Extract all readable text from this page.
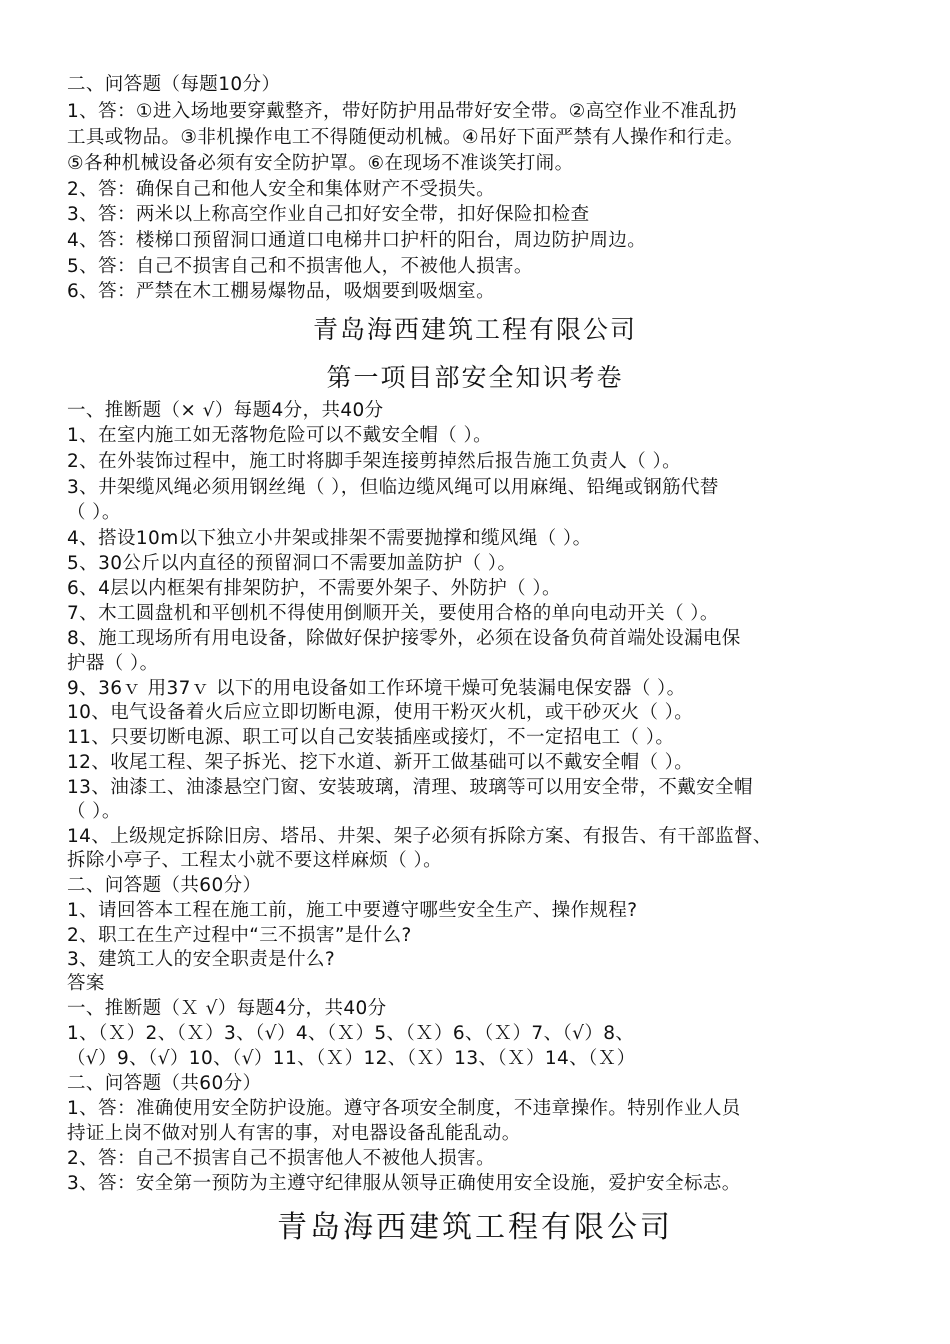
二、问答题（每题10分）
1、答：①进入场地要穿戴整齐，带好防护用品带好安全带。②高空作业不准乱扔
工具或物品。③非机操作电工不得随便动机械。④吊好下面严禁有人操作和行走。
⑤各种机械设备必须有安全防护罩。⑥在现场不准谈笑打闹。
2、答：确保自己和他人安全和集体财产不受损失。
3、答：两米以上称高空作业自己扣好安全带，扣好保险扣检查
4、答：楼梯口预留洞口通道口电梯井口护杆的阳台，周边防护周边。
5、答：自己不损害自己和不损害他人，不被他人损害。
6、答：严禁在木工棚易爆物品，吸烟要到吸烟室。
青岛海西建筑工程有限公司
第一项目部安全知识考卷
一、推断题（× √）每题4分，共40分
1、在室内施工如无落物危险可以不戴安全帽（ ）。
2、在外装饰过程中，施工时将脚手架连接剪掉然后报告施工负责人（ ）。
3、井架缆风绳必须用钢丝绳（ ），但临边缆风绳可以用麻绳、铅绳或钢筋代替
（ ）。
4、搭设10m以下独立小井架或排架不需要抛撑和缆风绳（ ）。
5、30公斤以内直径的预留洞口不需要加盖防护（ ）。
6、4层以内框架有排架防护，不需要外架子、外防护（ ）。
7、木工圆盘机和平刨机不得使用倒顺开关，要使用合格的单向电动开关（ ）。
8、施工现场所有用电设备，除做好保护接零外，必须在设备负荷首端处设漏电保
护器（ ）。
9、36ｖ 用37ｖ 以下的用电设备如工作环境干燥可免装漏电保安器（ ）。
10、电气设备着火后应立即切断电源，使用干粉灭火机，或干砂灭火（ ）。
11、只要切断电源、职工可以自己安装插座或接灯，不一定招电工（ ）。
12、收尾工程、架子拆光、挖下水道、新开工做基础可以不戴安全帽（ ）。
13、油漆工、油漆悬空门窗、安装玻璃，清理、玻璃等可以用安全带，不戴安全帽
（ ）。
14、上级规定拆除旧房、塔吊、井架、架子必须有拆除方案、有报告、有干部监督、
拆除小亭子、工程太小就不要这样麻烦（ ）。
二、问答题（共60分）
1、请回答本工程在施工前，施工中要遵守哪些安全生产、操作规程?
2、职工在生产过程中“三不损害”是什么?
3、建筑工人的安全职责是什么?
答案
一、推断题（Ｘ √）每题4分，共40分
1、（Ｘ）2、（Ｘ）3、（√）4、（Ｘ）5、（Ｘ）6、（Ｘ）7、（√）8、
（√）9、（√）10、（√）11、（Ｘ）12、（Ｘ）13、（Ｘ）14、（Ｘ）
二、问答题（共60分）
1、答：准确使用安全防护设施。遵守各项安全制度，不违章操作。特别作业人员
持证上岗不做对别人有害的事，对电器设备乱能乱动。
2、答：自己不损害自己不损害他人不被他人损害。
3、答：安全第一预防为主遵守纪律服从领导正确使用安全设施，爱护安全标志。
青岛海西建筑工程有限公司
